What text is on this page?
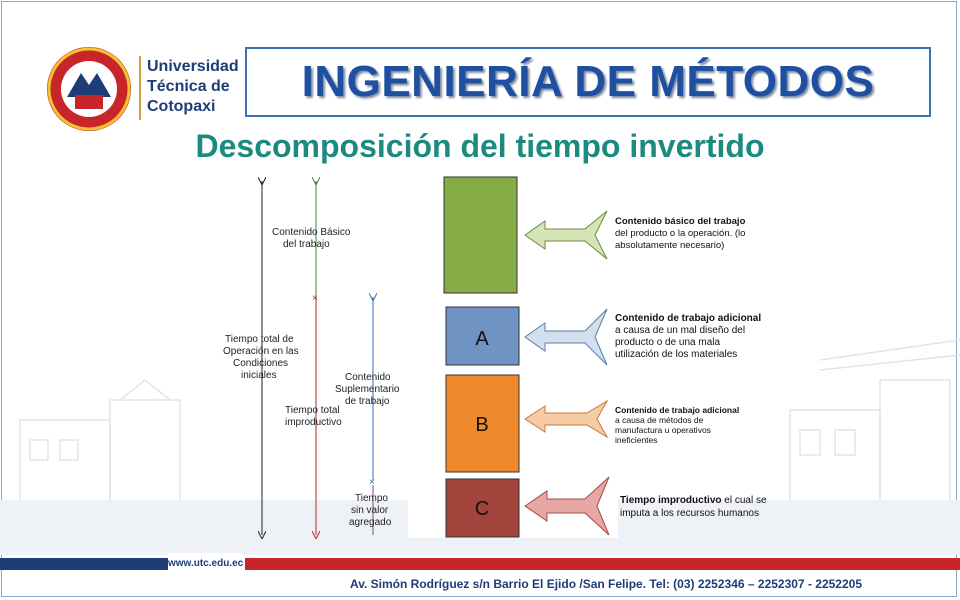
Universidad
Técnica de
Cotopaxi
INGENIERÍA DE MÉTODOS
Descomposición del tiempo invertido
×
×
Contenido Básico
del trabajo
Tiempo total de
Operación en las
Condiciones
iniciales	Contenido
Suplementario
de trabajo
Tiempo total
improductivo
Tiempo
sin valor
agregado
A
B
C
Contenido básico del trabajo
del producto o la operación. (lo
absolutamente necesario)
Contenido de trabajo adicional
a causa de un mal diseño del
producto o de una mala
utilización de los materiales
Contenido de trabajo adicional
a causa de métodos de
manufactura u operativos
ineficientes
Tiempo improductivo el cual se
imputa a los recursos humanos
www.utc.edu.ec
Av. Simón Rodríguez s/n Barrio El Ejido /San Felipe. Tel: (03) 2252346 – 2252307 - 2252205
